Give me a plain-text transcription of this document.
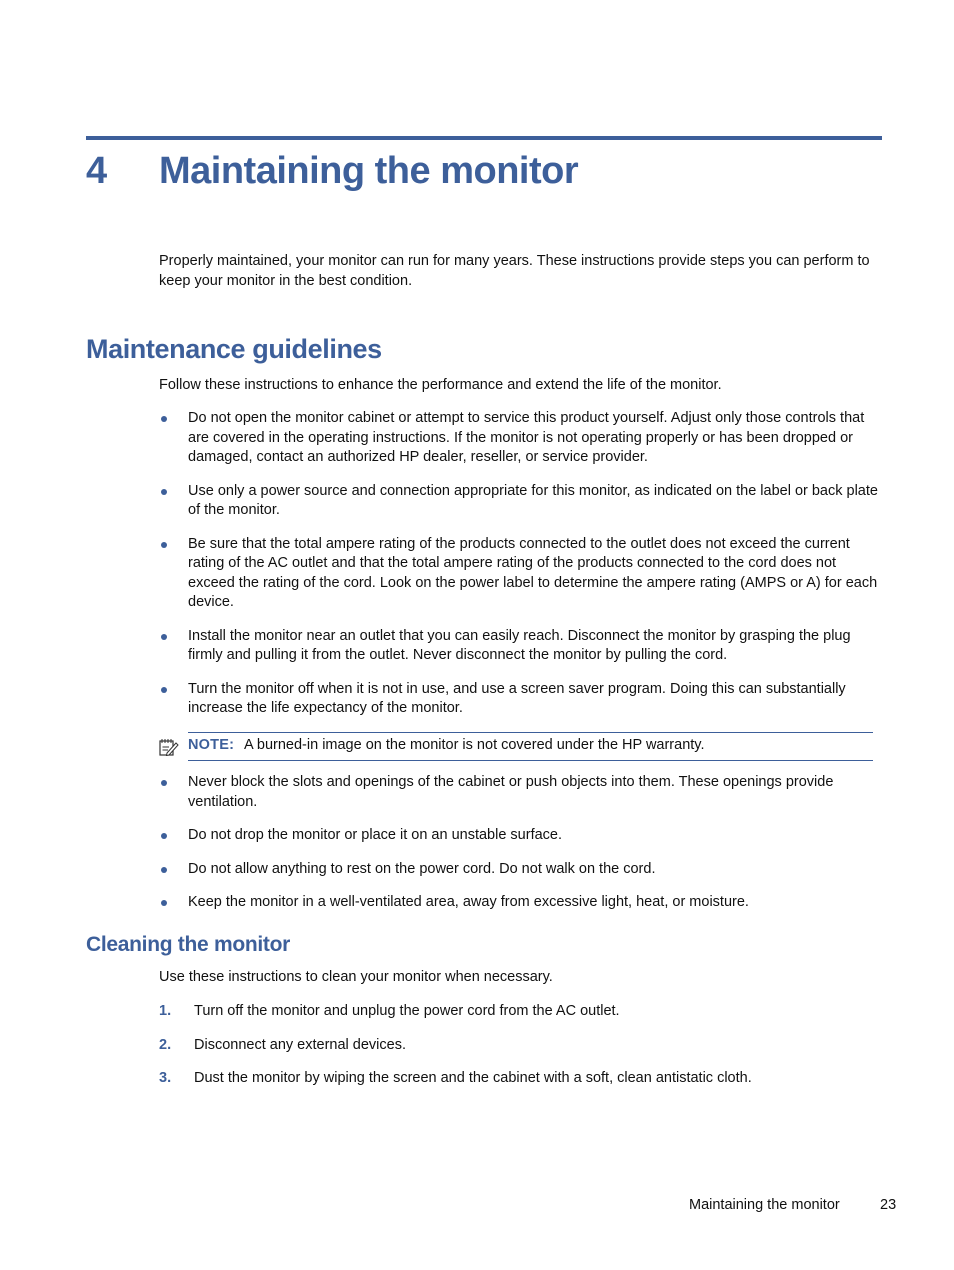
4 Maintaining the monitor

Properly maintained, your monitor can run for many years. These instructions provide steps you can perform to keep your monitor in the best condition.

Maintenance guidelines

Follow these instructions to enhance the performance and extend the life of the monitor.

Do not open the monitor cabinet or attempt to service this product yourself. Adjust only those controls that are covered in the operating instructions. If the monitor is not operating properly or has been dropped or damaged, contact an authorized HP dealer, reseller, or service provider.
Use only a power source and connection appropriate for this monitor, as indicated on the label or back plate of the monitor.
Be sure that the total ampere rating of the products connected to the outlet does not exceed the current rating of the AC outlet and that the total ampere rating of the products connected to the cord does not exceed the rating of the cord. Look on the power label to determine the ampere rating (AMPS or A) for each device.
Install the monitor near an outlet that you can easily reach. Disconnect the monitor by grasping the plug firmly and pulling it from the outlet. Never disconnect the monitor by pulling the cord.
Turn the monitor off when it is not in use, and use a screen saver program. Doing this can substantially increase the life expectancy of the monitor.
NOTE: A burned-in image on the monitor is not covered under the HP warranty.
Never block the slots and openings of the cabinet or push objects into them. These openings provide ventilation.
Do not drop the monitor or place it on an unstable surface.
Do not allow anything to rest on the power cord. Do not walk on the cord.
Keep the monitor in a well-ventilated area, away from excessive light, heat, or moisture.
Cleaning the monitor

Use these instructions to clean your monitor when necessary.

1. Turn off the monitor and unplug the power cord from the AC outlet.
2. Disconnect any external devices.
3. Dust the monitor by wiping the screen and the cabinet with a soft, clean antistatic cloth.
Maintaining the monitor	23
